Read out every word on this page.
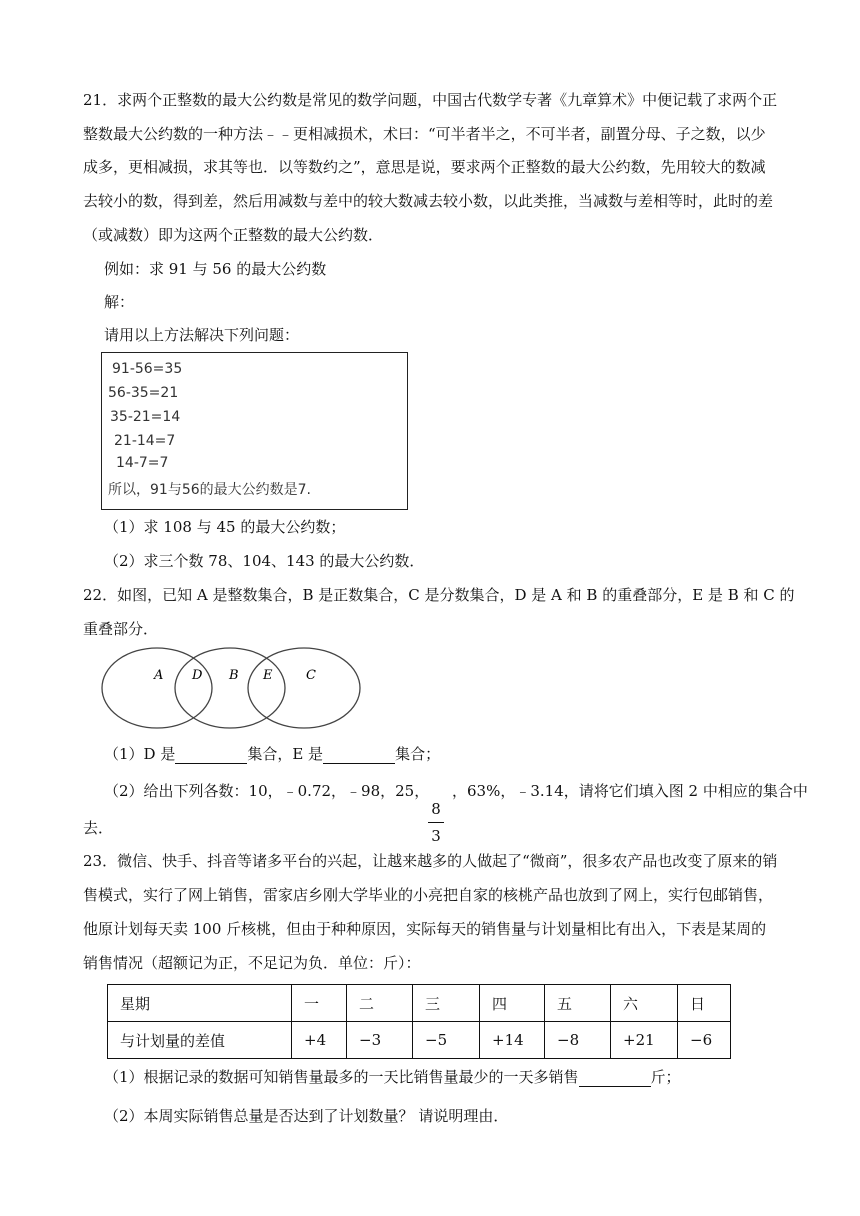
21．求两个正整数的最大公约数是常见的数学问题，中国古代数学专著《九章算术》中便记载了求两个正
整数最大公约数的一种方法﹣﹣更相减损术，术曰：“可半者半之，不可半者，副置分母、子之数，以少
成多，更相减损，求其等也．以等数约之”，意思是说，要求两个正整数的最大公约数，先用较大的数减
去较小的数，得到差，然后用减数与差中的较大数减去较小数，以此类推，当减数与差相等时，此时的差
（或减数）即为这两个正整数的最大公约数．
例如：求 91 与 56 的最大公约数
解：
请用以上方法解决下列问题：
91-56=35
56-35=21
35-21=14
21-14=7
14-7=7
所以，91与56的最大公约数是7.
（1）求 108 与 45 的最大公约数；
（2）求三个数 78、104、143 的最大公约数．
22．如图，已知 A 是整数集合，B 是正数集合，C 是分数集合，D 是 A 和 B 的重叠部分，E 是 B 和 C 的
重叠部分．
A D B E	C
（1）D 是	集合，E 是	集合；
（2）给出下列各数：10，﹣0.72，﹣98，25，
8
3
，63%，﹣3.14，请将它们填入图 2 中相应的集合中
去．
23．微信、快手、抖音等诸多平台的兴起，让越来越多的人做起了“微商”，很多农产品也改变了原来的销
售模式，实行了网上销售，雷家店乡刚大学毕业的小亮把自家的核桃产品也放到了网上，实行包邮销售，
他原计划每天卖 100 斤核桃，但由于种种原因，实际每天的销售量与计划量相比有出入，下表是某周的
销售情况（超额记为正，不足记为负．单位：斤）：
星期	一	二	三	四	五	六	日
与计划量的差值	+4	−3	−5	+14	−8	+21	−6
（1）根据记录的数据可知销售量最多的一天比销售量最少的一天多销售	斤；
（2）本周实际销售总量是否达到了计划数量？ 请说明理由．
